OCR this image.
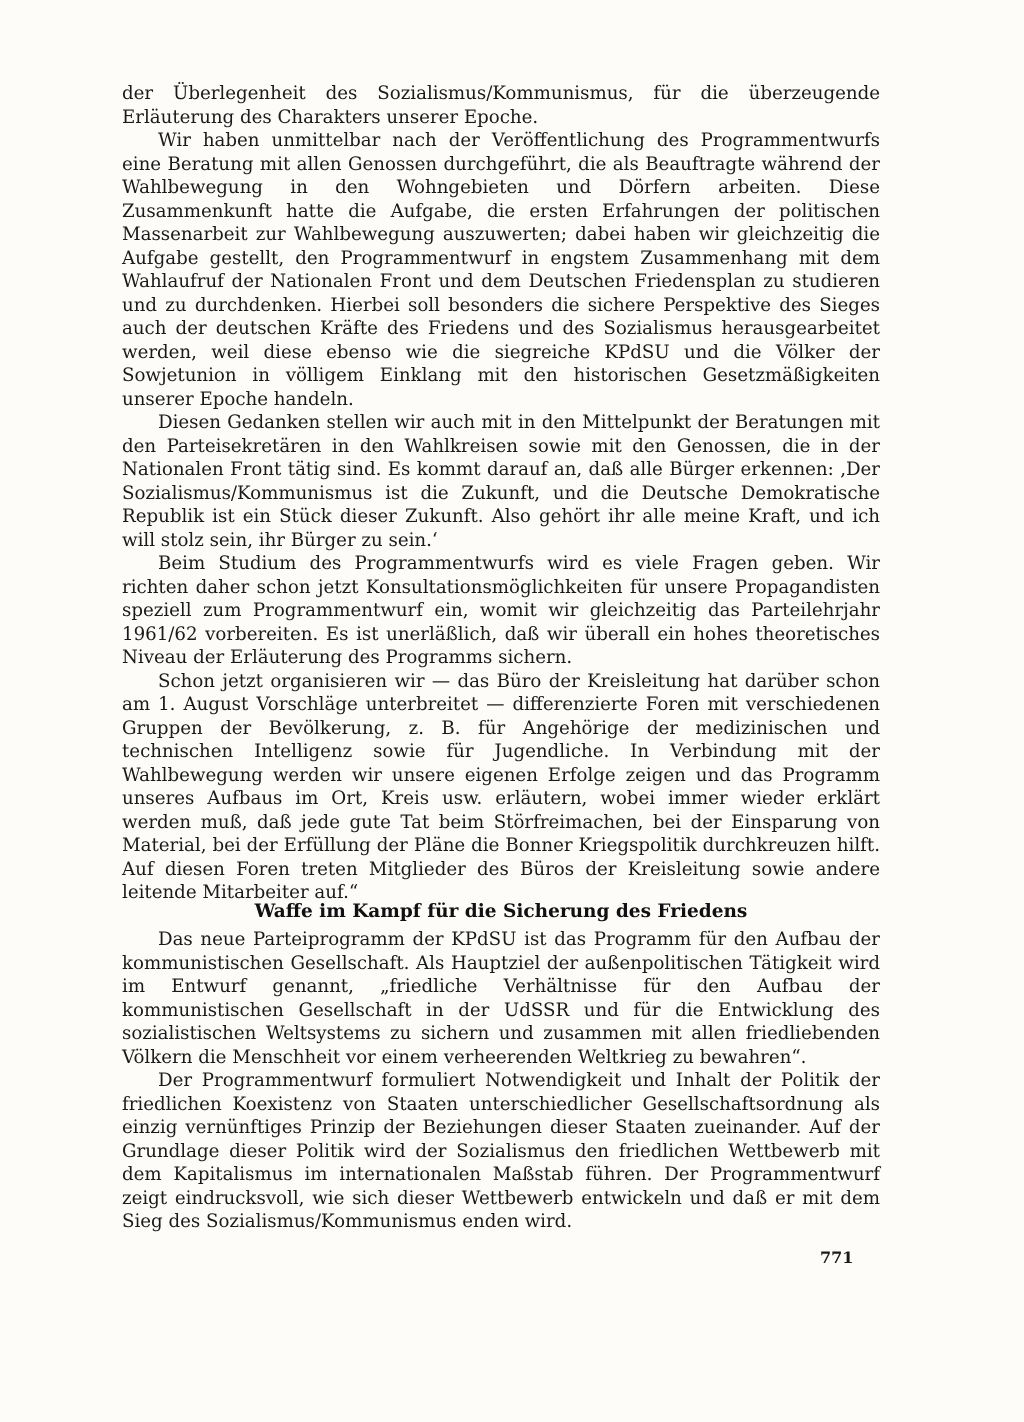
der Überlegenheit des Sozialismus/Kommunismus, für die überzeugende Erläuterung des Charakters unserer Epoche.

Wir haben unmittelbar nach der Veröffentlichung des Programmentwurfs eine Beratung mit allen Genossen durchgeführt, die als Beauftragte während der Wahlbewegung in den Wohngebieten und Dörfern arbeiten. Diese Zusammenkunft hatte die Aufgabe, die ersten Erfahrungen der politischen Massenarbeit zur Wahlbewegung auszuwerten; dabei haben wir gleichzeitig die Aufgabe gestellt, den Programmentwurf in engstem Zusammenhang mit dem Wahlaufruf der Nationalen Front und dem Deutschen Friedensplan zu studieren und zu durchdenken. Hierbei soll besonders die sichere Perspektive des Sieges auch der deutschen Kräfte des Friedens und des Sozialismus herausgearbeitet werden, weil diese ebenso wie die siegreiche KPdSU und die Völker der Sowjetunion in völligem Einklang mit den historischen Gesetzmäßigkeiten unserer Epoche handeln.

Diesen Gedanken stellen wir auch mit in den Mittelpunkt der Beratungen mit den Parteisekretären in den Wahlkreisen sowie mit den Genossen, die in der Nationalen Front tätig sind. Es kommt darauf an, daß alle Bürger erkennen: ‚Der Sozialismus/Kommunismus ist die Zukunft, und die Deutsche Demokratische Republik ist ein Stück dieser Zukunft. Also gehört ihr alle meine Kraft, und ich will stolz sein, ihr Bürger zu sein.‘

Beim Studium des Programmentwurfs wird es viele Fragen geben. Wir richten daher schon jetzt Konsultationsmöglichkeiten für unsere Propagandisten speziell zum Programmentwurf ein, womit wir gleichzeitig das Parteilehrjahr 1961/62 vorbereiten. Es ist unerläßlich, daß wir überall ein hohes theoretisches Niveau der Erläuterung des Programms sichern.

Schon jetzt organisieren wir — das Büro der Kreisleitung hat darüber schon am 1. August Vorschläge unterbreitet — differenzierte Foren mit verschiedenen Gruppen der Bevölkerung, z. B. für Angehörige der medizinischen und technischen Intelligenz sowie für Jugendliche. In Verbindung mit der Wahlbewegung werden wir unsere eigenen Erfolge zeigen und das Programm unseres Aufbaus im Ort, Kreis usw. erläutern, wobei immer wieder erklärt werden muß, daß jede gute Tat beim Störfreimachen, bei der Einsparung von Material, bei der Erfüllung der Pläne die Bonner Kriegspolitik durchkreuzen hilft. Auf diesen Foren treten Mitglieder des Büros der Kreisleitung sowie andere leitende Mitarbeiter auf.“

Waffe im Kampf für die Sicherung des Friedens

Das neue Parteiprogramm der KPdSU ist das Programm für den Aufbau der kommunistischen Gesellschaft. Als Hauptziel der außenpolitischen Tätigkeit wird im Entwurf genannt, „friedliche Verhältnisse für den Aufbau der kommunistischen Gesellschaft in der UdSSR und für die Entwicklung des sozialistischen Weltsystems zu sichern und zusammen mit allen friedliebenden Völkern die Menschheit vor einem verheerenden Weltkrieg zu bewahren“.

Der Programmentwurf formuliert Notwendigkeit und Inhalt der Politik der friedlichen Koexistenz von Staaten unterschiedlicher Gesellschaftsordnung als einzig vernünftiges Prinzip der Beziehungen dieser Staaten zueinander. Auf der Grundlage dieser Politik wird der Sozialismus den friedlichen Wettbewerb mit dem Kapitalismus im internationalen Maßstab führen. Der Programmentwurf zeigt eindrucksvoll, wie sich dieser Wettbewerb entwickeln und daß er mit dem Sieg des Sozialismus/Kommunismus enden wird.

771
